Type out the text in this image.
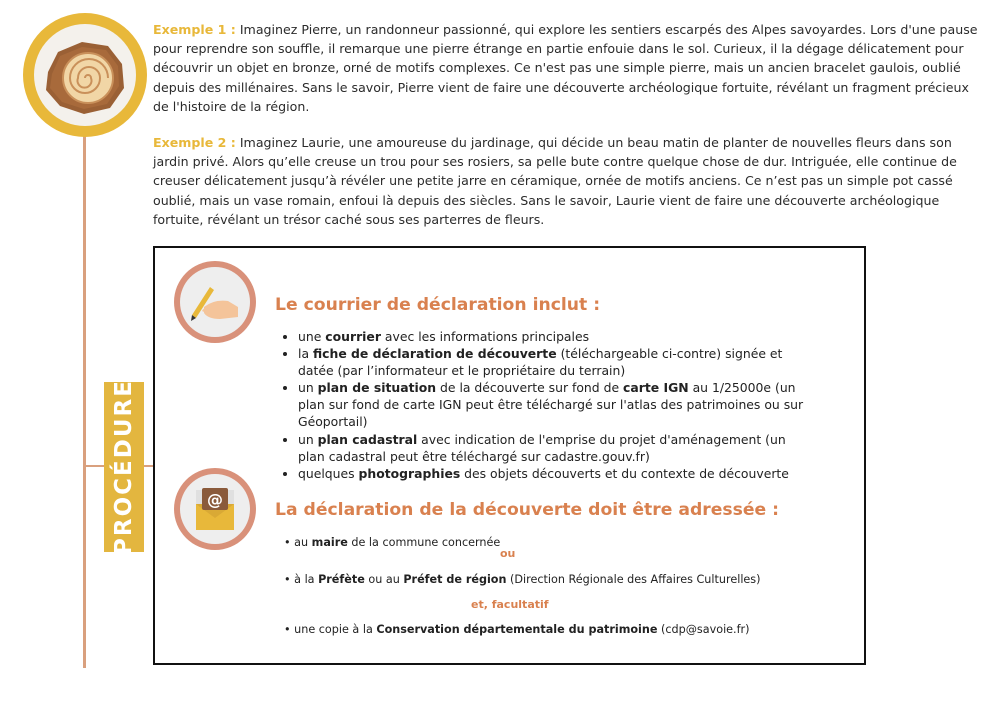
PROCÉDURE
Exemple 1 : Imaginez Pierre, un randonneur passionné, qui explore les sentiers escarpés des Alpes savoyardes. Lors d'une pause pour reprendre son souffle, il remarque une pierre étrange en partie enfouie dans le sol. Curieux, il la dégage délicatement pour découvrir un objet en bronze, orné de motifs complexes. Ce n'est pas une simple pierre, mais un ancien bracelet gaulois, oublié depuis des millénaires. Sans le savoir, Pierre vient de faire une découverte archéologique fortuite, révélant un fragment précieux de l'histoire de la région.
Exemple 2 : Imaginez Laurie, une amoureuse du jardinage, qui décide un beau matin de planter de nouvelles fleurs dans son jardin privé. Alors qu’elle creuse un trou pour ses rosiers, sa pelle bute contre quelque chose de dur. Intriguée, elle continue de creuser délicatement jusqu’à révéler une petite jarre en céramique, ornée de motifs anciens. Ce n’est pas un simple pot cassé oublié, mais un vase romain, enfoui là depuis des siècles. Sans le savoir, Laurie vient de faire une découverte archéologique fortuite, révélant un trésor caché sous ses parterres de fleurs.
Le courrier de déclaration inclut :
• une courrier avec les informations principales
• la fiche de déclaration de découverte (téléchargeable ci-contre) signée et datée (par l’informateur et le propriétaire du terrain)
• un plan de situation de la découverte sur fond de carte IGN au 1/25000e (un plan sur fond de carte IGN peut être téléchargé sur l'atlas des patrimoines ou sur Géoportail)
• un plan cadastral avec indication de l'emprise du projet d'aménagement (un plan cadastral peut être téléchargé sur cadastre.gouv.fr)
• quelques photographies des objets découverts et du contexte de découverte
@
La déclaration de la découverte doit être adressée :
• au maire de la commune concernée
ou
• à la Préfète ou au Préfet de région (Direction Régionale des Affaires Culturelles)
et, facultatif
• une copie à la Conservation départementale du patrimoine (cdp@savoie.fr)
